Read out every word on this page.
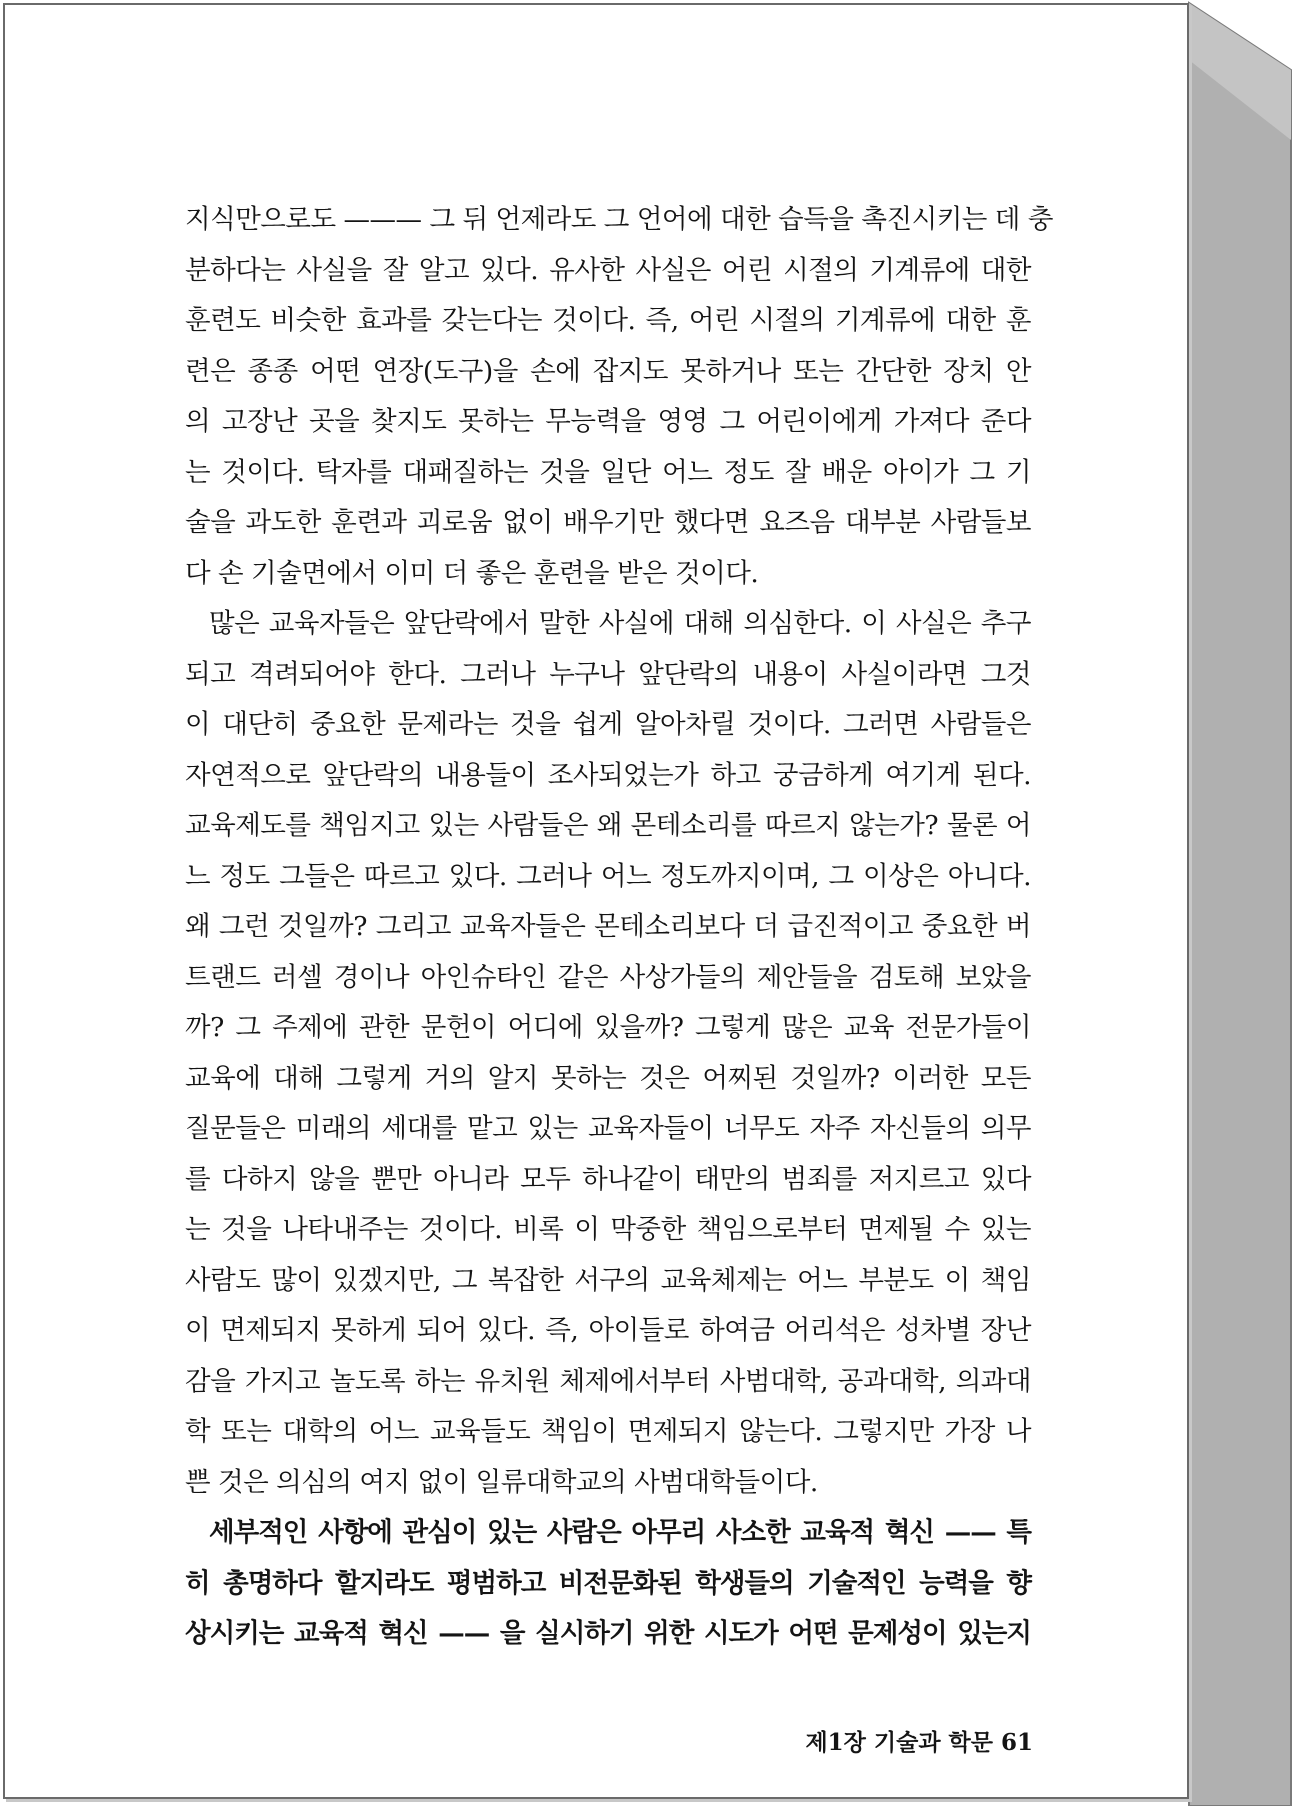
지식만으로도 ——— 그 뒤 언제라도 그 언어에 대한 습득을 촉진시키는 데 충
분하다는 사실을 잘 알고 있다. 유사한 사실은 어린 시절의 기계류에 대한
훈련도 비슷한 효과를 갖는다는 것이다. 즉, 어린 시절의 기계류에 대한 훈
련은 종종 어떤 연장(도구)을 손에 잡지도 못하거나 또는 간단한 장치 안
의 고장난 곳을 찾지도 못하는 무능력을 영영 그 어린이에게 가져다 준다
는 것이다. 탁자를 대패질하는 것을 일단 어느 정도 잘 배운 아이가 그 기
술을 과도한 훈련과 괴로움 없이 배우기만 했다면 요즈음 대부분 사람들보
다 손 기술면에서 이미 더 좋은 훈련을 받은 것이다.
많은 교육자들은 앞단락에서 말한 사실에 대해 의심한다. 이 사실은 추구
되고 격려되어야 한다. 그러나 누구나 앞단락의 내용이 사실이라면 그것
이 대단히 중요한 문제라는 것을 쉽게 알아차릴 것이다. 그러면 사람들은
자연적으로 앞단락의 내용들이 조사되었는가 하고 궁금하게 여기게 된다.
교육제도를 책임지고 있는 사람들은 왜 몬테소리를 따르지 않는가? 물론 어
느 정도 그들은 따르고 있다. 그러나 어느 정도까지이며, 그 이상은 아니다.
왜 그런 것일까? 그리고 교육자들은 몬테소리보다 더 급진적이고 중요한 버
트랜드 러셀 경이나 아인슈타인 같은 사상가들의 제안들을 검토해 보았을
까? 그 주제에 관한 문헌이 어디에 있을까? 그렇게 많은 교육 전문가들이
교육에 대해 그렇게 거의 알지 못하는 것은 어찌된 것일까? 이러한 모든
질문들은 미래의 세대를 맡고 있는 교육자들이 너무도 자주 자신들의 의무
를 다하지 않을 뿐만 아니라 모두 하나같이 태만의 범죄를 저지르고 있다
는 것을 나타내주는 것이다. 비록 이 막중한 책임으로부터 면제될 수 있는
사람도 많이 있겠지만, 그 복잡한 서구의 교육체제는 어느 부분도 이 책임
이 면제되지 못하게 되어 있다. 즉, 아이들로 하여금 어리석은 성차별 장난
감을 가지고 놀도록 하는 유치원 체제에서부터 사범대학, 공과대학, 의과대
학 또는 대학의 어느 교육들도 책임이 면제되지 않는다. 그렇지만 가장 나
쁜 것은 의심의 여지 없이 일류대학교의 사범대학들이다.
세부적인 사항에 관심이 있는 사람은 아무리 사소한 교육적 혁신 —— 특
히 총명하다 할지라도 평범하고 비전문화된 학생들의 기술적인 능력을 향
상시키는 교육적 혁신 —— 을 실시하기 위한 시도가 어떤 문제성이 있는지
제1장 기술과 학문 61
